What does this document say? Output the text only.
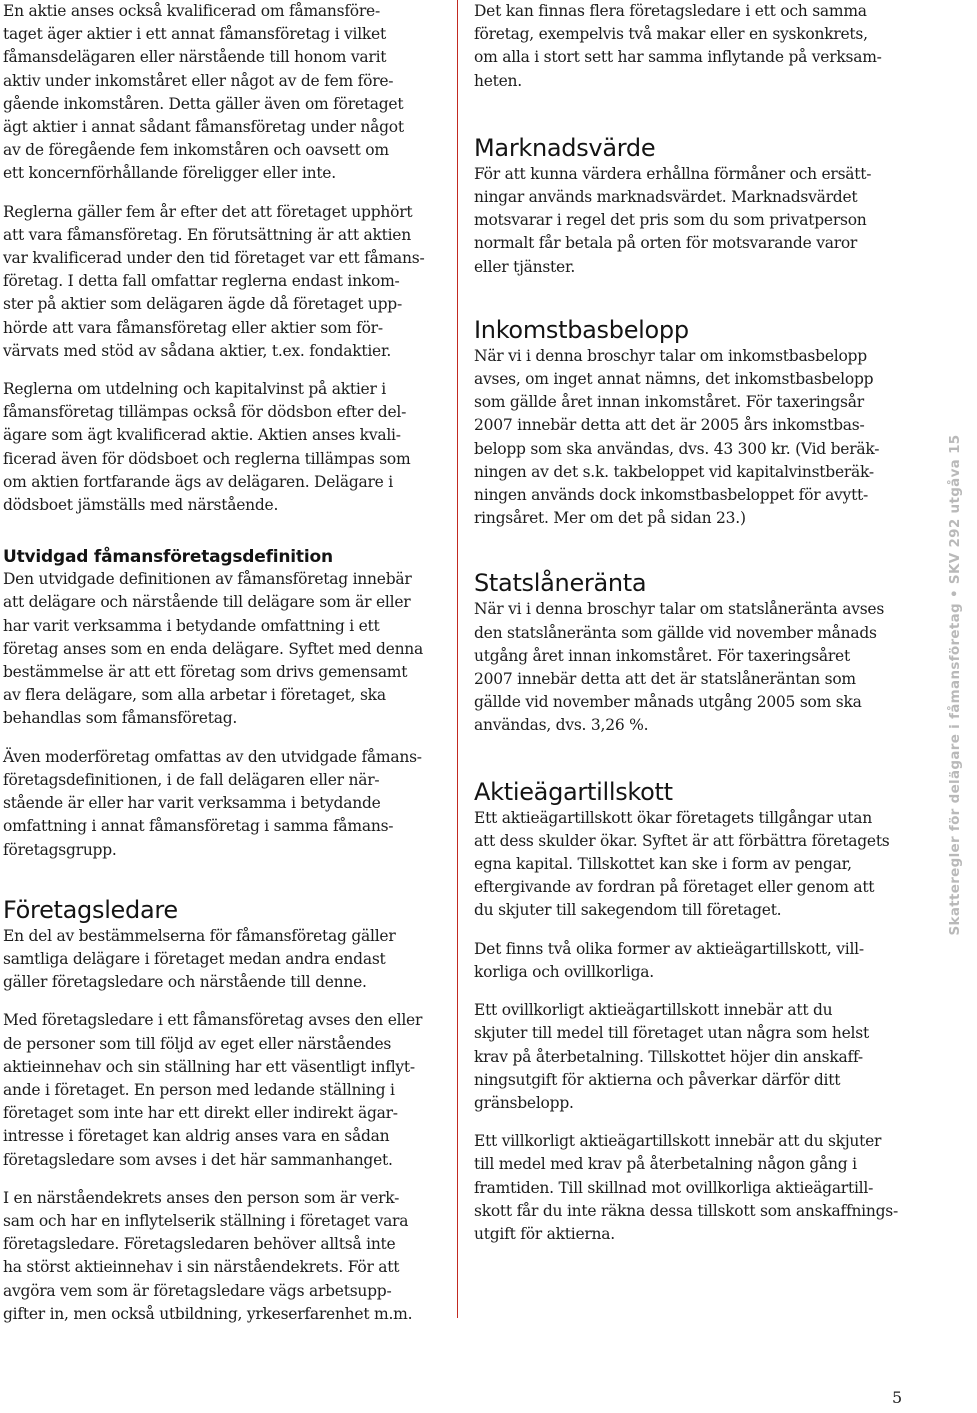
En aktie anses också kvalificerad om fåmansföre-
taget äger aktier i ett annat fåmansföretag i vilket
fåmansdelägaren eller närstående till honom varit
aktiv under inkomståret eller något av de fem före-
gående inkomståren. Detta gäller även om företaget
ägt aktier i annat sådant fåmansföretag under något
av de föregående fem inkomståren och oavsett om
ett koncernförhållande föreligger eller inte.

Reglerna gäller fem år efter det att företaget upphört
att vara fåmansföretag. En förutsättning är att aktien
var kvalificerad under den tid företaget var ett fåmans-
företag. I detta fall omfattar reglerna endast inkom-
ster på aktier som delägaren ägde då företaget upp-
hörde att vara fåmansföretag eller aktier som för-
värvats med stöd av sådana aktier, t.ex. fondaktier.

Reglerna om utdelning och kapitalvinst på aktier i
fåmansföretag tillämpas också för dödsbon efter del-
ägare som ägt kvalificerad aktie. Aktien anses kvali-
ficerad även för dödsboet och reglerna tillämpas som
om aktien fortfarande ägs av delägaren. Delägare i
dödsboet jämställs med närstående.

Utvidgad fåmansföretagsdefinition

Den utvidgade definitionen av fåmansföretag innebär
att delägare och närstående till delägare som är eller
har varit verksamma i betydande omfattning i ett
företag anses som en enda delägare. Syftet med denna
bestämmelse är att ett företag som drivs gemensamt
av flera delägare, som alla arbetar i företaget, ska
behandlas som fåmansföretag.

Även moderföretag omfattas av den utvidgade fåmans-
företagsdefinitionen, i de fall delägaren eller när-
stående är eller har varit verksamma i betydande
omfattning i annat fåmansföretag i samma fåmans-
företagsgrupp.

Företagsledare

En del av bestämmelserna för fåmansföretag gäller
samtliga delägare i företaget medan andra endast
gäller företagsledare och närstående till denne.

Med företagsledare i ett fåmansföretag avses den eller
de personer som till följd av eget eller närståendes
aktieinnehav och sin ställning har ett väsentligt inflyt-
ande i företaget. En person med ledande ställning i
företaget som inte har ett direkt eller indirekt ägar-
intresse i företaget kan aldrig anses vara en sådan
företagsledare som avses i det här sammanhanget.

I en närståendekrets anses den person som är verk-
sam och har en inflytelserik ställning i företaget vara
företagsledare. Företagsledaren behöver alltså inte
ha störst aktieinnehav i sin närståendekrets. För att
avgöra vem som är företagsledare vägs arbetsupp-
gifter in, men också utbildning, yrkeserfarenhet m.m.

Det kan finnas flera företagsledare i ett och samma
företag, exempelvis två makar eller en syskonkrets,
om alla i stort sett har samma inflytande på verksam-
heten.

Marknadsvärde

För att kunna värdera erhållna förmåner och ersätt-
ningar används marknadsvärdet. Marknadsvärdet
motsvarar i regel det pris som du som privatperson
normalt får betala på orten för motsvarande varor
eller tjänster.

Inkomstbasbelopp

När vi i denna broschyr talar om inkomstbasbelopp
avses, om inget annat nämns, det inkomstbasbelopp
som gällde året innan inkomståret. För taxeringsår
2007 innebär detta att det är 2005 års inkomstbas-
belopp som ska användas, dvs. 43 300 kr. (Vid beräk-
ningen av det s.k. takbeloppet vid kapitalvinstberäk-
ningen används dock inkomstbasbeloppet för avytt-
ringsåret. Mer om det på sidan 23.)

Statslåneränta

När vi i denna broschyr talar om statslåneränta avses
den statslåneränta som gällde vid november månads
utgång året innan inkomståret. För taxeringsåret
2007 innebär detta att det är statslåneräntan som
gällde vid november månads utgång 2005 som ska
användas, dvs. 3,26 %.

Aktieägartillskott

Ett aktieägartillskott ökar företagets tillgångar utan
att dess skulder ökar. Syftet är att förbättra företagets
egna kapital. Tillskottet kan ske i form av pengar,
eftergivande av fordran på företaget eller genom att
du skjuter till sakegendom till företaget.

Det finns två olika former av aktieägartillskott, vill-
korliga och ovillkorliga.

Ett ovillkorligt aktieägartillskott innebär att du
skjuter till medel till företaget utan några som helst
krav på återbetalning. Tillskottet höjer din anskaff-
ningsutgift för aktierna och påverkar därför ditt
gränsbelopp.

Ett villkorligt aktieägartillskott innebär att du skjuter
till medel med krav på återbetalning någon gång i
framtiden. Till skillnad mot ovillkorliga aktieägartill-
skott får du inte räkna dessa tillskott som anskaffnings-
utgift för aktierna.

Skatteregler för delägare i fåmansföretag • SKV 292 utgåva 15
5
